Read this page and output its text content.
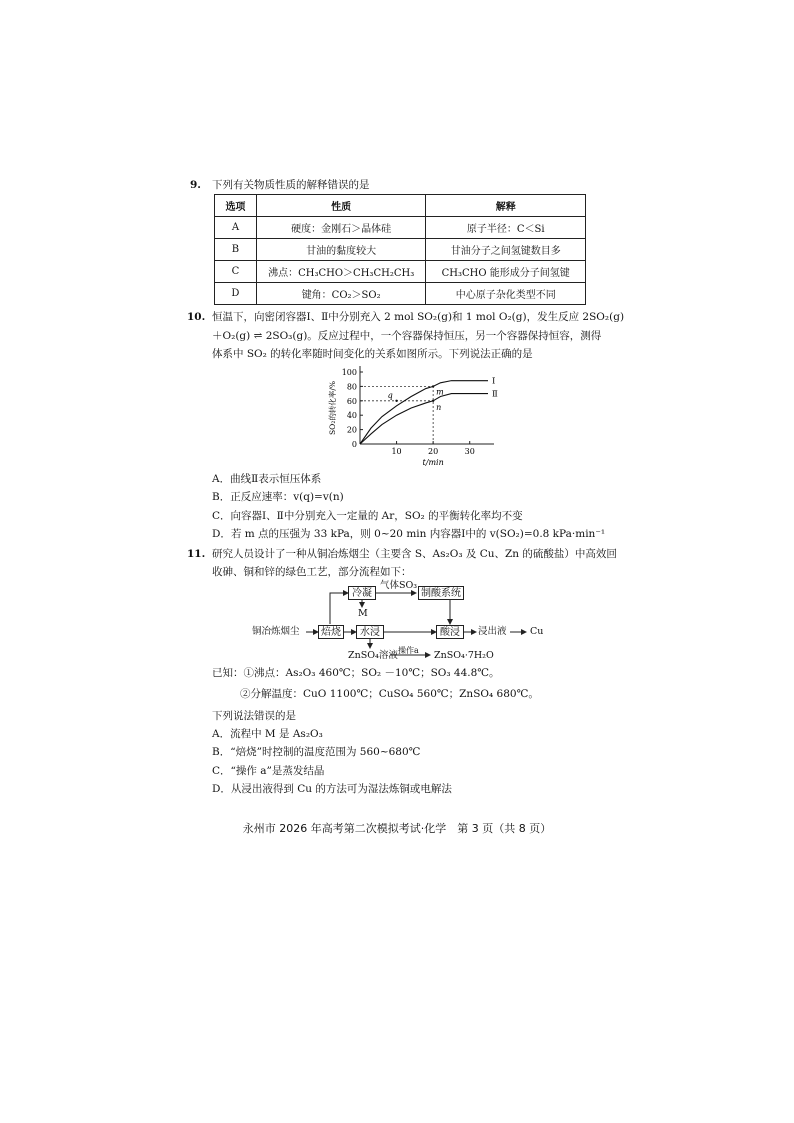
9. 下列有关物质性质的解释错误的是
选项	性质	解释
A	硬度：金刚石＞晶体硅	原子半径：C＜Si
B	甘油的黏度较大	甘油分子之间氢键数目多
C	沸点：CH₃CHO＞CH₃CH₂CH₃	CH₃CHO 能形成分子间氢键
D	键角：CO₂＞SO₂	中心原子杂化类型不同
10. 恒温下，向密闭容器Ⅰ、Ⅱ中分别充入 2 mol SO₂(g)和 1 mol O₂(g)，发生反应 2SO₂(g)
＋O₂(g) ⇌ 2SO₃(g)。反应过程中，一个容器保持恒压，另一个容器保持恒容，测得
体系中 SO₂ 的转化率随时间变化的关系如图所示。下列说法正确的是
0
20
40
60
80
100
10	20	30
t/min
SO₂的转化率/%	Ⅰ
Ⅱ
q	m
n
A．曲线Ⅱ表示恒压体系
B．正反应速率：v(q)=v(n)
C．向容器Ⅰ、Ⅱ中分别充入一定量的 Ar，SO₂ 的平衡转化率均不变
D．若 m 点的压强为 33 kPa，则 0~20 min 内容器Ⅰ中的 v(SO₂)=0.8 kPa·min⁻¹
11. 研究人员设计了一种从铜冶炼烟尘（主要含 S、As₂O₃ 及 Cu、Zn 的硫酸盐）中高效回
收砷、铜和锌的绿色工艺，部分流程如下：
铜冶炼烟尘	焙烧
冷凝
气体SO₃
制酸系统
M
水浸	酸浸	浸出液 Cu
ZnSO₄溶液 操作a ZnSO₄·7H₂O
已知：①沸点：As₂O₃ 460℃；SO₂ －10℃；SO₃ 44.8℃。
②分解温度：CuO 1100℃；CuSO₄ 560℃；ZnSO₄ 680℃。
下列说法错误的是
A．流程中 M 是 As₂O₃
B．“焙烧”时控制的温度范围为 560~680℃
C．“操作 a”是蒸发结晶
D．从浸出液得到 Cu 的方法可为湿法炼铜或电解法
永州市 2026 年高考第二次模拟考试·化学　第 3 页（共 8 页）
